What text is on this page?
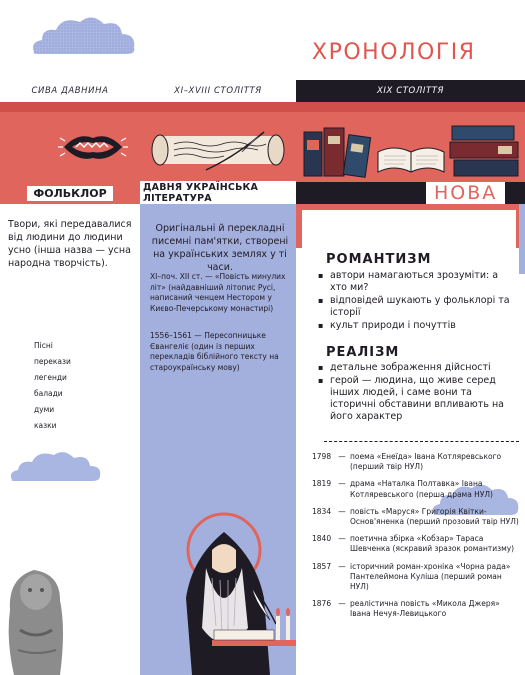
ХРОНОЛОГІЯ
СИВА ДАВНИНА	XI–XVIII СТОЛІТТЯ	XIX СТОЛІТТЯ
ФОЛЬКЛОР	ДАВНЯ УКРАЇНСЬКА ЛІТЕРАТУРА	НОВА

Твори, які передавалися від людини до людини усно (інша назва — усна народна творчість).

Пісні
перекази
легенди
балади
думи
казки

Оригінальні й перекладні писемні пам'ятки, створені на українських землях у ті часи.

XI–поч. XII ст. — «Повість минулих літ» (найдавніший літопис Русі, написаний ченцем Нестором у Києво-Печерському монастирі)

1556–1561 — Пересопницьке Євангеліє (один із перших перекладів біблійного тексту на староукраїнську мову)

РОМАНТИЗМ
▪ автори намагаються зрозуміти: а хто ми?
▪ відповідей шукають у фольклорі та історії
▪ культ природи і почуттів
РЕАЛІЗМ
▪ детальне зображення дійсності
▪ герой — людина, що живе серед інших людей, і саме вони та історичні обставини впливають на його характер
1798 — поема «Енеїда» Івана Котляревського (перший твір НУЛ)
1819 — драма «Наталка Полтавка» Івана Котляревського (перша драма НУЛ)
1834 — повість «Маруся» Григорія Квітки-Основ'яненка (перший прозовий твір НУЛ)
1840 — поетична збірка «Кобзар» Тараса Шевченка (яскравий зразок романтизму)
1857 — історичний роман-хроніка «Чорна рада» Пантелеймона Куліша (перший роман НУЛ)
1876 — реалістична повість «Микола Джеря» Івана Нечуя-Левицького
